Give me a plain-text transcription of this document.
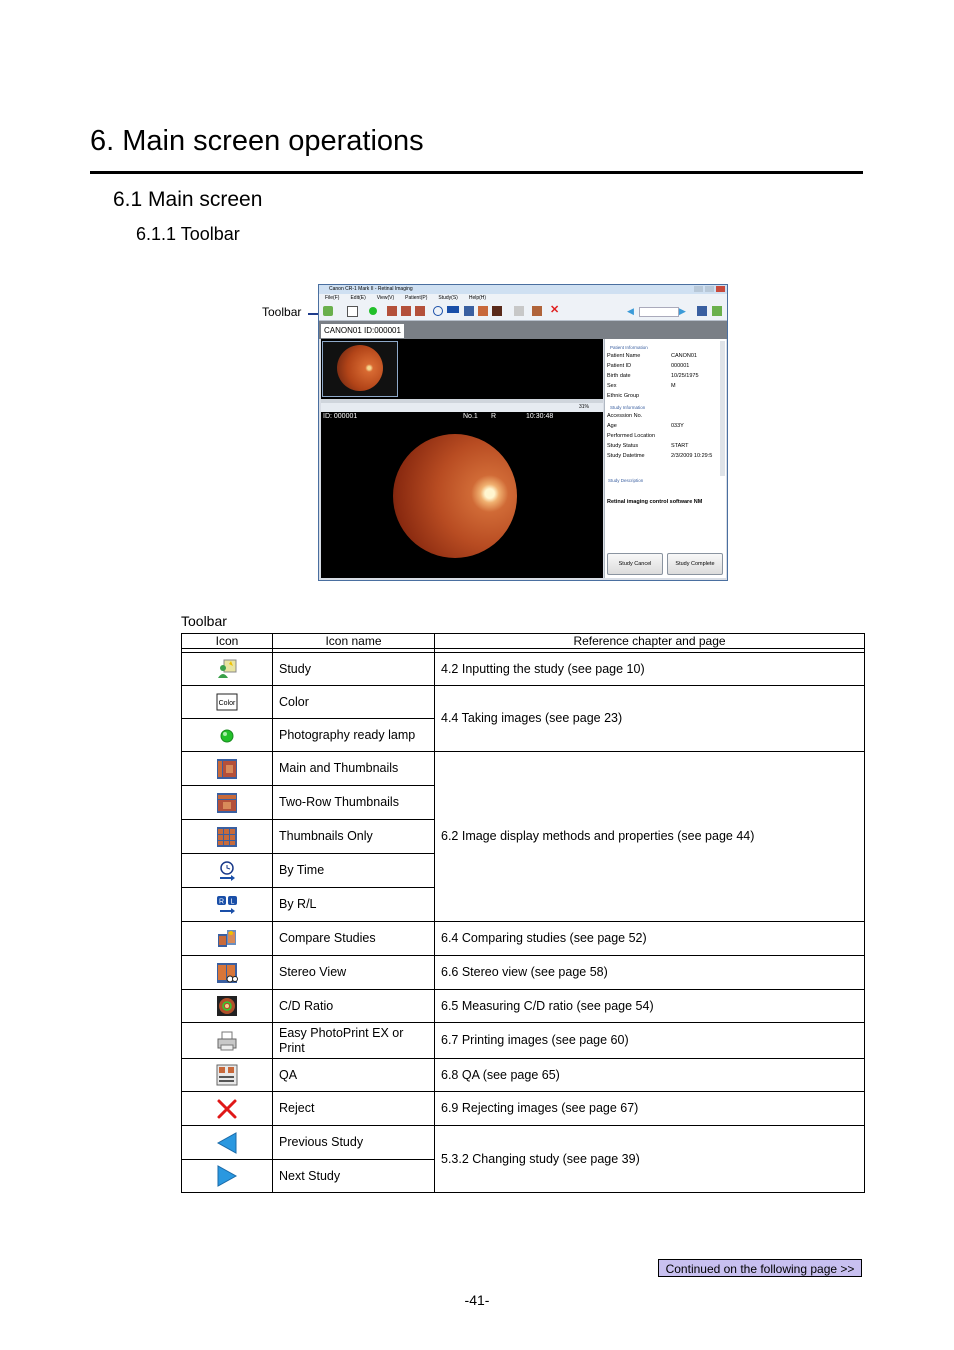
6. Main screen operations
6.1 Main screen
6.1.1 Toolbar
Toolbar
Canon CR-1 Mark II - Retinal Imaging
File(F) Edit(E) View(V) Patient(P) Study(S) Help(H)
✕	◀	▶
CANON01 ID:000001
31%
ID: 000001	No.1 R	10:30:48
Patient Information
Patient Name	CANON01
Patient ID	000001
Birth date	10/25/1975
Sex	M
Ethnic Group
Study Information
Accession No.
Age	033Y
Performed Location
Study Status	START
Study Datetime	2/3/2009 10:29:5
Study Description
Retinal imaging control software NM
Study Cancel	Study Complete
Toolbar
Icon	Icon name	Reference chapter and page

	Study	4.2 Inputting the study (see page 10)

Color	Color	4.4 Taking images (see page 23)
	Photography ready lamp	
	Main and Thumbnails	6.2 Image display methods and properties (see page 44)
	Two-Row Thumbnails	
	Thumbnails Only	
	By Time	

R L	By R/L	
	Compare Studies	6.4 Comparing studies (see page 52)
	Stereo View	6.6 Stereo view (see page 58)
	C/D Ratio	6.5 Measuring C/D ratio (see page 54)
	Easy PhotoPrint EX or Print	6.7 Printing images (see page 60)
	QA	6.8 QA (see page 65)
	Reject	6.9 Rejecting images (see page 67)
	Previous Study	5.3.2 Changing study (see page 39)
	Next Study	
Continued on the following page >>
-41-
